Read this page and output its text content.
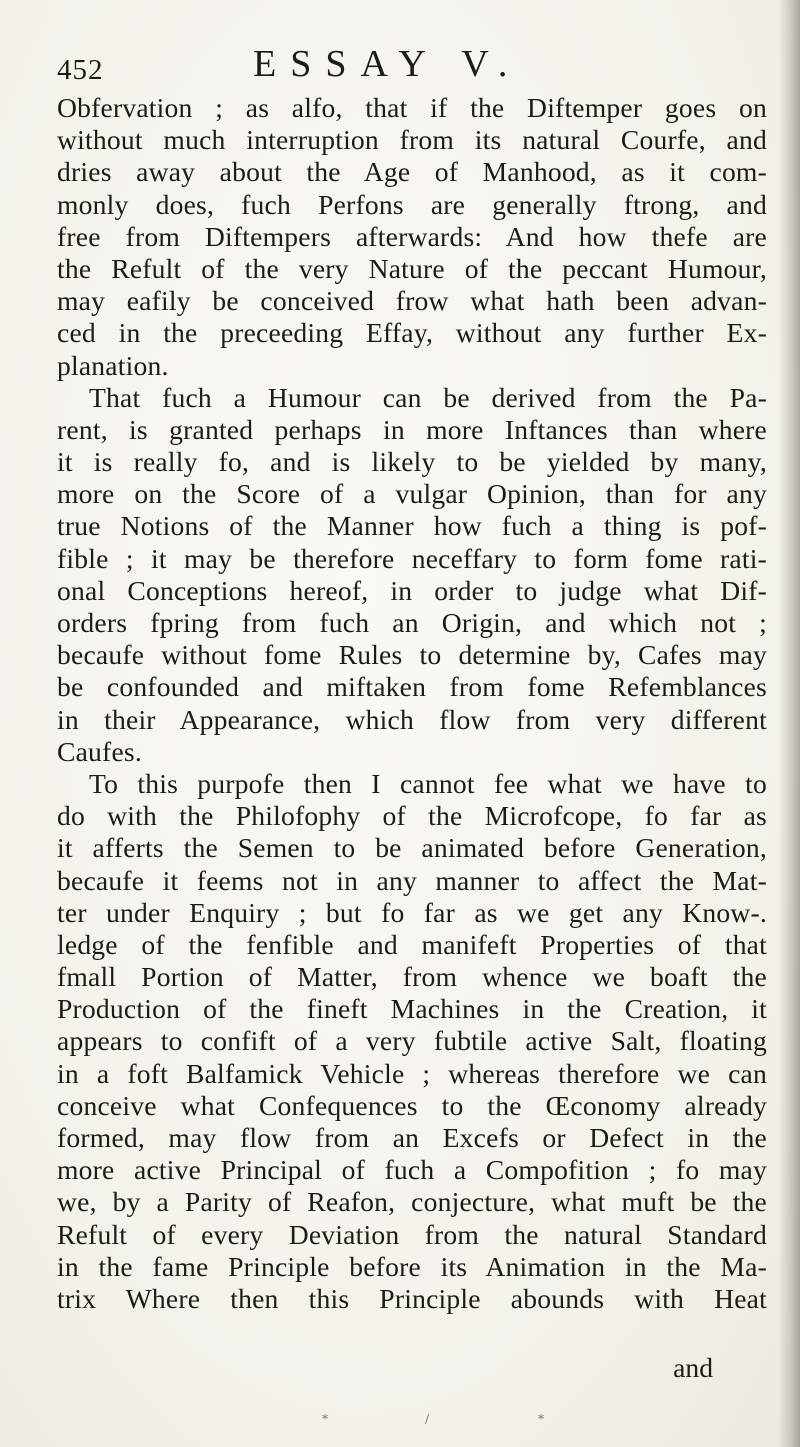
452	ESSAY V.
Obfervation ; as alfo, that if the Diftemper goes on
without much interruption from its natural Courfe, and
dries away about the Age of Manhood, as it com-
monly does, fuch Perfons are generally ftrong, and
free from Diftempers afterwards: And how thefe are
the Refult of the very Nature of the peccant Humour,
may eafily be conceived frow what hath been advan-
ced in the preceeding Effay, without any further Ex-
planation.
That fuch a Humour can be derived from the Pa-
rent, is granted perhaps in more Inftances than where
it is really fo, and is likely to be yielded by many,
more on the Score of a vulgar Opinion, than for any
true Notions of the Manner how fuch a thing is pof-
fible ; it may be therefore neceffary to form fome rati-
onal Conceptions hereof, in order to judge what Dif-
orders fpring from fuch an Origin, and which not ;
becaufe without fome Rules to determine by, Cafes may
be confounded and miftaken from fome Refemblances
in their Appearance, which flow from very different
Caufes.
To this purpofe then I cannot fee what we have to
do with the Philofophy of the Microfcope, fo far as
it afferts the Semen to be animated before Generation,
becaufe it feems not in any manner to affect the Mat-
ter under Enquiry ; but fo far as we get any Know-.
ledge of the fenfible and manifeft Properties of that
fmall Portion of Matter, from whence we boaft the
Production of the fineft Machines in the Creation, it
appears to confift of a very fubtile active Salt, floating
in a foft Balfamick Vehicle ; whereas therefore we can
conceive what Confequences to the Œconomy already
formed, may flow from an Excefs or Defect in the
more active Principal of fuch a Compofition ; fo may
we, by a Parity of Reafon, conjecture, what muft be the
Refult of every Deviation from the natural Standard
in the fame Principle before its Animation in the Ma-
trix Where then this Principle abounds with Heat
and
*	/	*
